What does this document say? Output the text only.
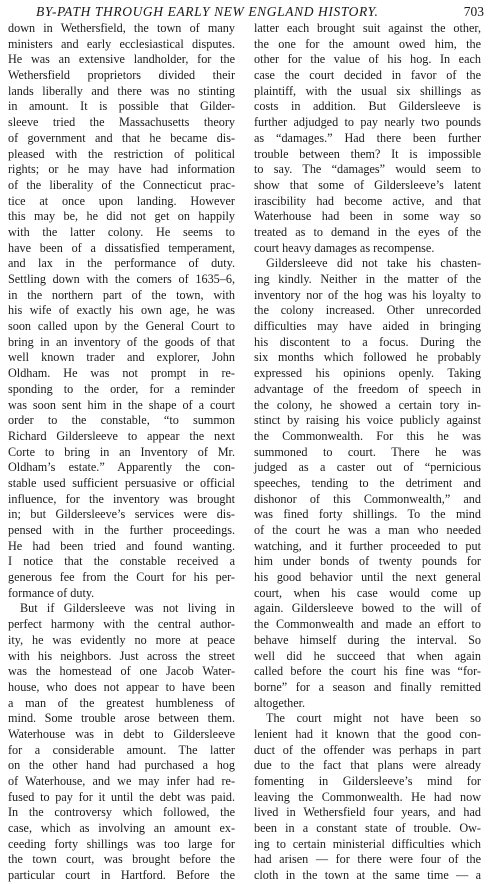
BY-PATH THROUGH EARLY NEW ENGLAND HISTORY.	703
down in Wethersfield, the town of many
ministers and early ecclesiastical disputes.
He was an extensive landholder, for the
Wethersfield proprietors divided their
lands liberally and there was no stinting
in amount. It is possible that Gilder-
sleeve tried the Massachusetts theory
of government and that he became dis-
pleased with the restriction of political
rights; or he may have had information
of the liberality of the Connecticut prac-
tice at once upon landing. However
this may be, he did not get on happily
with the latter colony. He seems to
have been of a dissatisfied temperament,
and lax in the performance of duty.
Settling down with the comers of 1635–6,
in the northern part of the town, with
his wife of exactly his own age, he was
soon called upon by the General Court to
bring in an inventory of the goods of that
well known trader and explorer, John
Oldham. He was not prompt in re-
sponding to the order, for a reminder
was soon sent him in the shape of a court
order to the constable, “to summon
Richard Gildersleeve to appear the next
Corte to bring in an Inventory of Mr.
Oldham’s estate.” Apparently the con-
stable used sufficient persuasive or official
influence, for the inventory was brought
in; but Gildersleeve’s services were dis-
pensed with in the further proceedings.
He had been tried and found wanting.
I notice that the constable received a
generous fee from the Court for his per-
formance of duty.
But if Gildersleeve was not living in
perfect harmony with the central author-
ity, he was evidently no more at peace
with his neighbors. Just across the street
was the homestead of one Jacob Water-
house, who does not appear to have been
a man of the greatest humbleness of
mind. Some trouble arose between them.
Waterhouse was in debt to Gildersleeve
for a considerable amount. The latter
on the other hand had purchased a hog
of Waterhouse, and we may infer had re-
fused to pay for it until the debt was paid.
In the controversy which followed, the
case, which as involving an amount ex-
ceeding forty shillings was too large for
the town court, was brought before the
particular court in Hartford. Before the
latter each brought suit against the other,
the one for the amount owed him, the
other for the value of his hog. In each
case the court decided in favor of the
plaintiff, with the usual six shillings as
costs in addition. But Gildersleeve is
further adjudged to pay nearly two pounds
as “damages.” Had there been further
trouble between them? It is impossible
to say. The “damages” would seem to
show that some of Gildersleeve’s latent
irascibility had become active, and that
Waterhouse had been in some way so
treated as to demand in the eyes of the
court heavy damages as recompense.
Gildersleeve did not take his chasten-
ing kindly. Neither in the matter of the
inventory nor of the hog was his loyalty to
the colony increased. Other unrecorded
difficulties may have aided in bringing
his discontent to a focus. During the
six months which followed he probably
expressed his opinions openly. Taking
advantage of the freedom of speech in
the colony, he showed a certain tory in-
stinct by raising his voice publicly against
the Commonwealth. For this he was
summoned to court. There he was
judged as a caster out of “pernicious
speeches, tending to the detriment and
dishonor of this Commonwealth,” and
was fined forty shillings. To the mind
of the court he was a man who needed
watching, and it further proceeded to put
him under bonds of twenty pounds for
his good behavior until the next general
court, when his case would come up
again. Gildersleeve bowed to the will of
the Commonwealth and made an effort to
behave himself during the interval. So
well did he succeed that when again
called before the court his fine was “for-
borne” for a season and finally remitted
altogether.
The court might not have been so
lenient had it known that the good con-
duct of the offender was perhaps in part
due to the fact that plans were already
fomenting in Gildersleeve’s mind for
leaving the Commonwealth. He had now
lived in Wethersfield four years, and had
been in a constant state of trouble. Ow-
ing to certain ministerial difficulties which
had arisen — for there were four of the
cloth in the town at the same time — a
